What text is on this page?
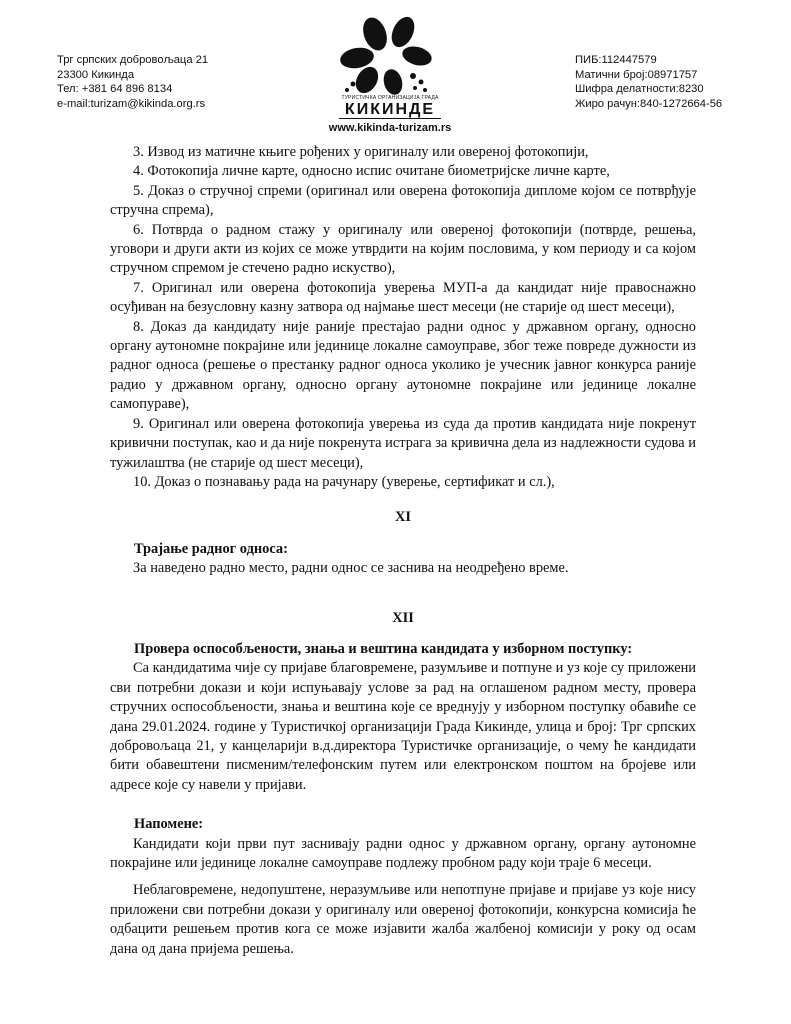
Трг српских добровољаца 21
23300 Кикинда
Тел: +381 64 896 8134
e-mail:turizam@kikinda.org.rs	ТУРИСТИЧКА ОРГАНИЗАЦИЈА ГРАДА
КИКИНДЕ
www.kikinda-turizam.rs
ПИБ:112447579
Матични број:08971757
Шифра делатности:8230
Жиро рачун:840-1272664-56

3. Извод из матичне књиге рођених у оригиналу или овереној фотокопији,

4. Фотокопија личне карте, односно испис очитане биометријске личне карте,

5. Доказ о стручној спреми (оригинал или оверена фотокопија дипломе којом се потврђује стручна спрема),

6. Потврда о радном стажу у оригиналу или овереној фотокопији (потврде, решења, уговори и други акти из којих се може утврдити на којим пословима, у ком периоду и са којом стручном спремом је стечено радно искуство),

7. Оригинал или оверена фотокопија уверења МУП-а да кандидат није правоснажно осуђиван на безусловну казну затвора од најмање шест месеци (не старије од шест месеци),

8. Доказ да кандидату није раније престајао радни однос у државном органу, односно органу аутономне покрајине или јединице локалне самоуправе, због теже повреде дужности из радног односа (решење о престанку радног односа уколико је учесник јавног конкурса раније радио у државном органу, односно органу аутономне покрајине или јединице локалне самопураве),

9. Оригинал или оверена фотокопија уверења из суда да против кандидата није покренут кривични поступак, као и да није покренута истрага за кривична дела из надлежности судова и тужилаштва (не старије од шест месеци),

10. Доказ о познавању рада на рачунару (уверење, сертификат и сл.),

XI

Трајање радног односа:

За наведено радно место, радни однос се заснива на неодређено време.

XII

Провера оспособљености, знања и вештина кандидата у изборном поступку:

Са кандидатима чије су пријаве благовремене, разумљиве и потпуне и уз које су приложени сви потребни докази и који испуњавају услове за рад на оглашеном радном месту, провера стручних оспособљености, знања и вештина које се вреднују у изборном поступку обавиће се дана 29.01.2024. године у Туристичкој организацији Града Кикинде, улица и број: Трг српских добровољаца 21, у канцеларији в.д.директора Туристичке организације, о чему ће кандидати бити обавештени писменим/телефонским путем или електронском поштом на бројеве или адресе које су навели у пријави.

Напомене:

Кандидати који први пут заснивају радни однос у државном органу, органу аутономне покрајине или јединице локалне самоуправе подлежу пробном раду који траје 6 месеци.

Неблаговремене, недопуштене, неразумљиве или непотпуне пријаве и пријаве уз које нису приложени сви потребни докази у оригиналу или овереној фотокопији, конкурсна комисија ће одбацити решењем против кога се може изјавити жалба жалбеној комисији у року од осам дана од дана пријема решења.
